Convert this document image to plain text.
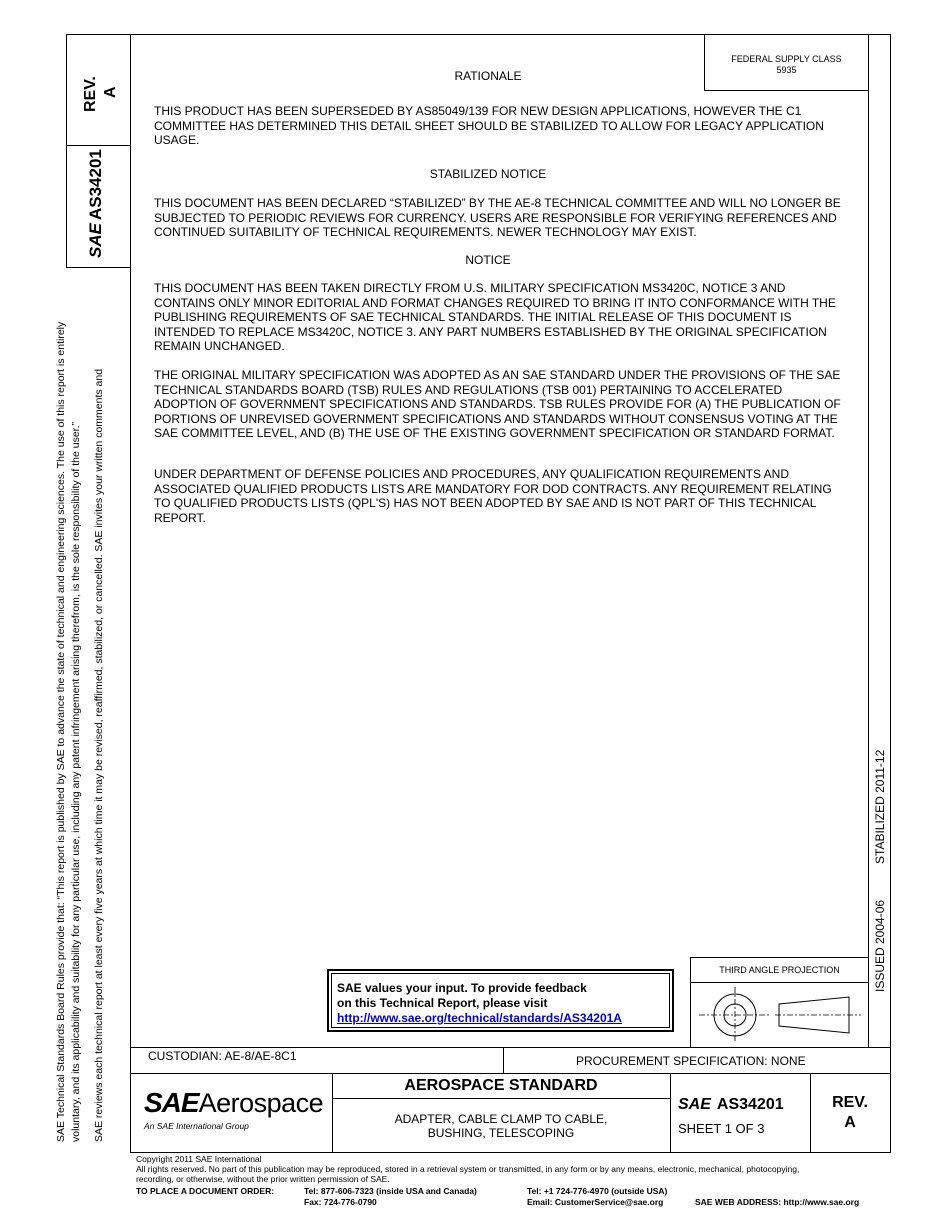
REV. A
SAEAS34201
SAE Technical Standards Board Rules provide that: “This report is published by SAE to advance the state of technical and engineering sciences. The use of this report is entirely voluntary, and its applicability and suitability for any particular use, including any patent infringement arising therefrom, is the sole responsibility of the user.” SAE reviews each technical report at least every five years at which time it may be revised, reaffirmed, stabilized, or cancelled. SAE invites your written comments and	STABILIZED 2011-12
ISSUED 2004-06
FEDERAL SUPPLY CLASS
5935
RATIONALE
THIS PRODUCT HAS BEEN SUPERSEDED BY AS85049/139 FOR NEW DESIGN APPLICATIONS, HOWEVER THE C1 COMMITTEE HAS DETERMINED THIS DETAIL SHEET SHOULD BE STABILIZED TO ALLOW FOR LEGACY APPLICATION USAGE.
STABILIZED NOTICE
THIS DOCUMENT HAS BEEN DECLARED “STABILIZED” BY THE AE-8 TECHNICAL COMMITTEE AND WILL NO LONGER BE SUBJECTED TO PERIODIC REVIEWS FOR CURRENCY. USERS ARE RESPONSIBLE FOR VERIFYING REFERENCES AND CONTINUED SUITABILITY OF TECHNICAL REQUIREMENTS. NEWER TECHNOLOGY MAY EXIST.
NOTICE
THIS DOCUMENT HAS BEEN TAKEN DIRECTLY FROM U.S. MILITARY SPECIFICATION MS3420C, NOTICE 3 AND CONTAINS ONLY MINOR EDITORIAL AND FORMAT CHANGES REQUIRED TO BRING IT INTO CONFORMANCE WITH THE PUBLISHING REQUIREMENTS OF SAE TECHNICAL STANDARDS. THE INITIAL RELEASE OF THIS DOCUMENT IS INTENDED TO REPLACE MS3420C, NOTICE 3. ANY PART NUMBERS ESTABLISHED BY THE ORIGINAL SPECIFICATION REMAIN UNCHANGED.
THE ORIGINAL MILITARY SPECIFICATION WAS ADOPTED AS AN SAE STANDARD UNDER THE PROVISIONS OF THE SAE TECHNICAL STANDARDS BOARD (TSB) RULES AND REGULATIONS (TSB 001) PERTAINING TO ACCELERATED ADOPTION OF GOVERNMENT SPECIFICATIONS AND STANDARDS. TSB RULES PROVIDE FOR (A) THE PUBLICATION OF PORTIONS OF UNREVISED GOVERNMENT SPECIFICATIONS AND STANDARDS WITHOUT CONSENSUS VOTING AT THE SAE COMMITTEE LEVEL, AND (B) THE USE OF THE EXISTING GOVERNMENT SPECIFICATION OR STANDARD FORMAT.
UNDER DEPARTMENT OF DEFENSE POLICIES AND PROCEDURES, ANY QUALIFICATION REQUIREMENTS AND ASSOCIATED QUALIFIED PRODUCTS LISTS ARE MANDATORY FOR DOD CONTRACTS. ANY REQUIREMENT RELATING TO QUALIFIED PRODUCTS LISTS (QPL'S) HAS NOT BEEN ADOPTED BY SAE AND IS NOT PART OF THIS TECHNICAL REPORT.
SAE values your input. To provide feedback
on this Technical Report, please visit
http://www.sae.org/technical/standards/AS34201A
THIRD ANGLE PROJECTION
CUSTODIAN: AE-8/AE-8C1	PROCUREMENT SPECIFICATION: NONE
SAEAerospace
An SAE International Group
AEROSPACE STANDARD
ADAPTER, CABLE CLAMP TO CABLE,
BUSHING, TELESCOPING
SAE AS34201
SHEET 1 OF 3
REV.
A
Copyright 2011 SAE International
All rights reserved. No part of this publication may be reproduced, stored in a retrieval system or transmitted, in any form or by any means, electronic, mechanical, photocopying,
recording, or otherwise, without the prior written permission of SAE.
TO PLACE A DOCUMENT ORDER:	Tel: 877-606-7323 (inside USA and Canada)
Fax: 724-776-0790
Tel: +1 724-776-4970 (outside USA)
Email: CustomerService@sae.org	SAE WEB ADDRESS: http://www.sae.org
